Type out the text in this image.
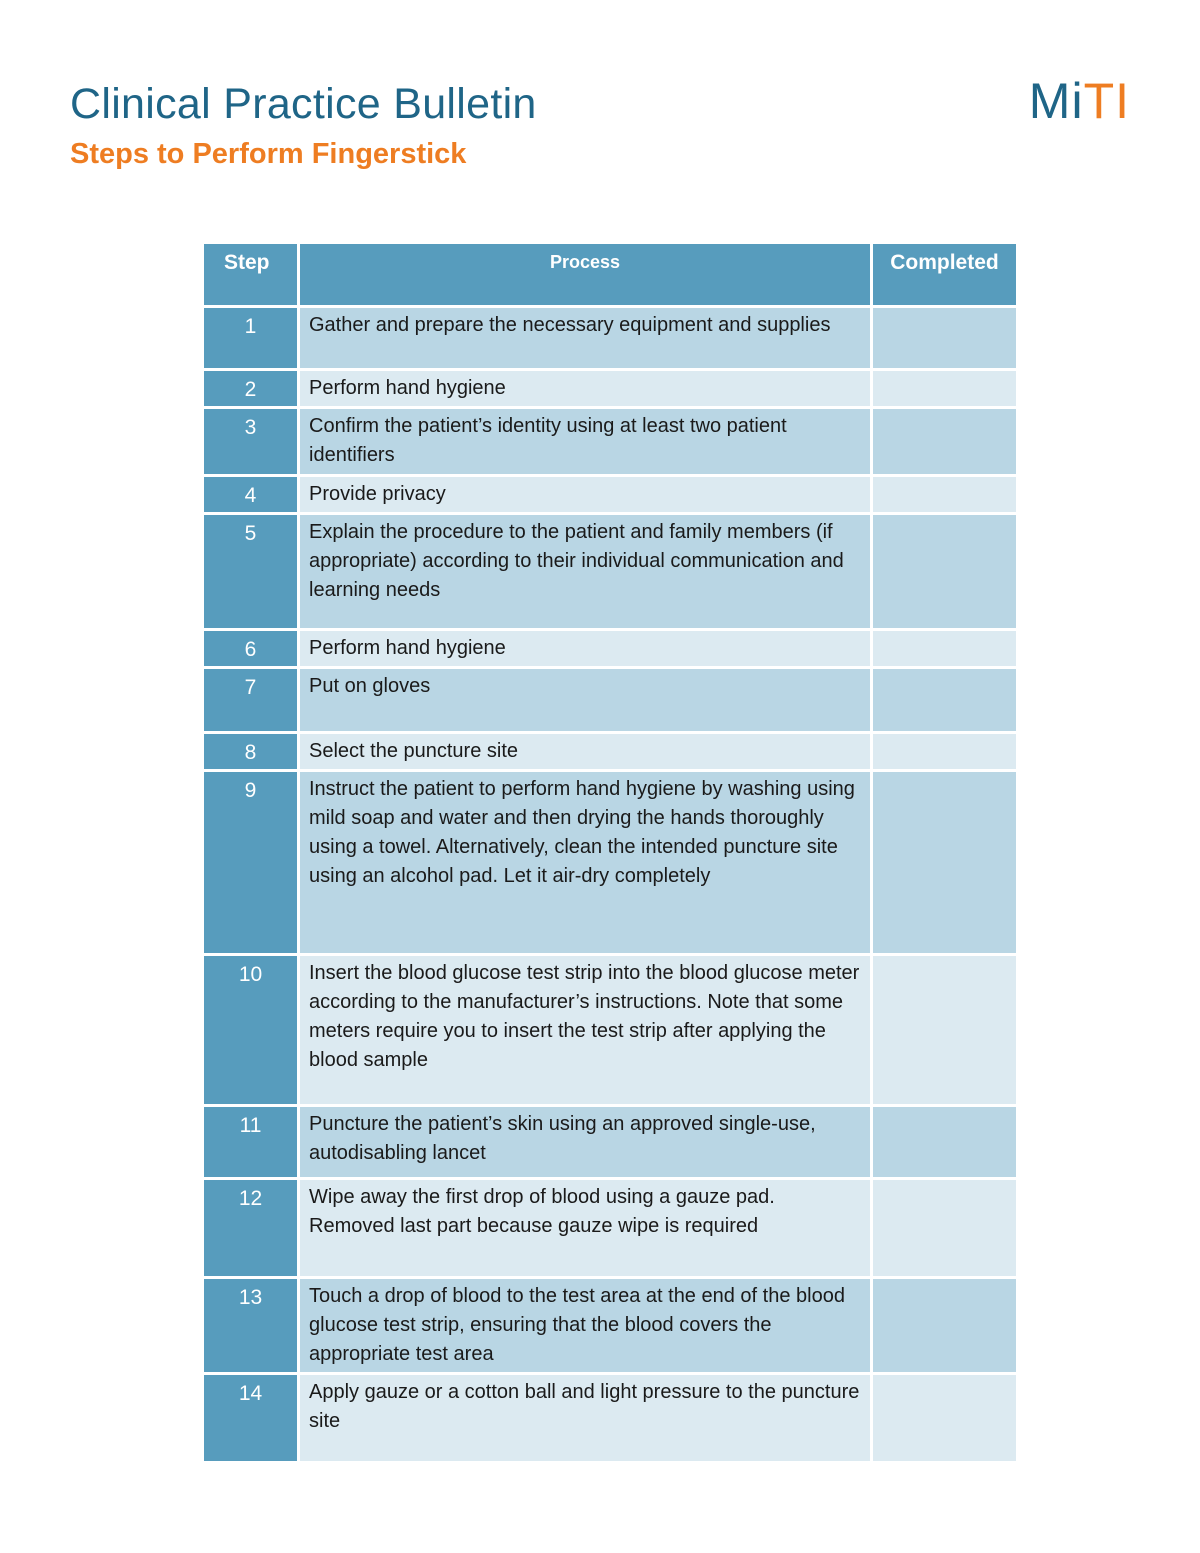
Clinical Practice Bulletin
Steps to Perform Fingerstick
MiTI
Step	Process	Completed
1	Gather and prepare the necessary equipment and supplies	
2	Perform hand hygiene	
3	Confirm the patient’s identity using at least two patient identifiers	
4	Provide privacy	
5	Explain the procedure to the patient and family members (if appropriate) according to their individual communication and learning needs	
6	Perform hand hygiene	
7	Put on gloves	
8	Select the puncture site	
9	Instruct the patient to perform hand hygiene by washing using mild soap and water and then drying the hands thoroughly using a towel. Alternatively, clean the intended puncture site using an alcohol pad. Let it air-dry completely	
10	Insert the blood glucose test strip into the blood glucose meter according to the manufacturer’s instructions. Note that some meters require you to insert the test strip after applying the blood sample	
11	Puncture the patient’s skin using an approved single-use, autodisabling lancet	
12	Wipe away the first drop of blood using a gauze pad. Removed last part because gauze wipe is required	
13	Touch a drop of blood to the test area at the end of the blood glucose test strip, ensuring that the blood covers the appropriate test area	
14	Apply gauze or a cotton ball and light pressure to the puncture site	
